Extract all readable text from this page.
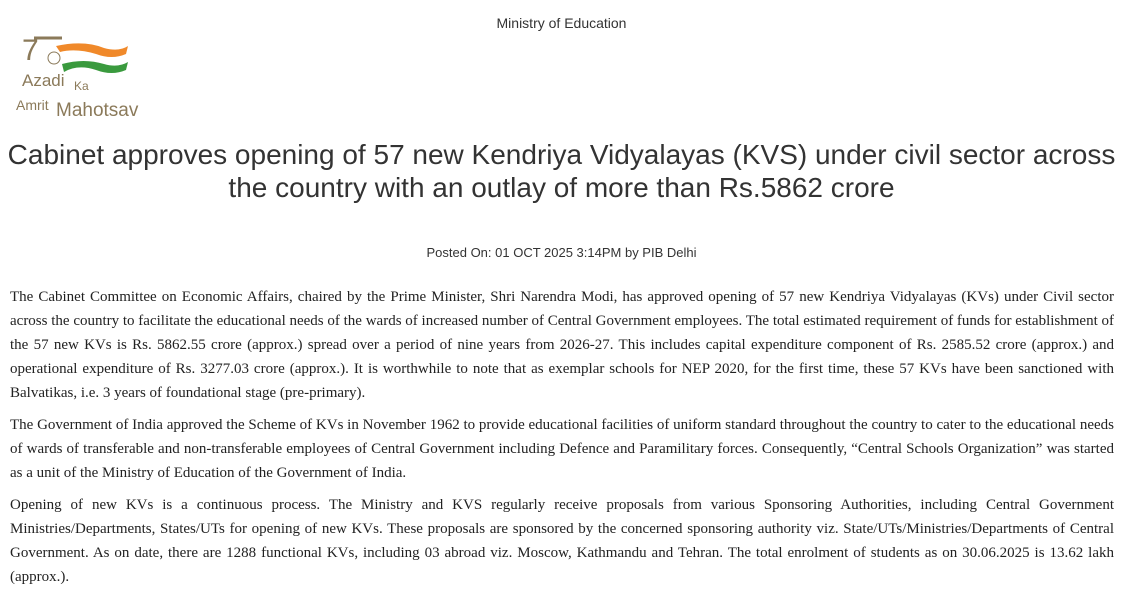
Ministry of Education
7
Azadi Ka
Amrit Mahotsav
Cabinet approves opening of 57 new Kendriya Vidyalayas (KVS) under civil sector across the country with an outlay of more than Rs.5862 crore
Posted On: 01 OCT 2025 3:14PM by PIB Delhi

The Cabinet Committee on Economic Affairs, chaired by the Prime Minister, Shri Narendra Modi, has approved opening of 57 new Kendriya Vidyalayas (KVs) under Civil sector across the country to facilitate the educational needs of the wards of increased number of Central Government employees. The total estimated requirement of funds for establishment of the 57 new KVs is Rs. 5862.55 crore (approx.) spread over a period of nine years from 2026-27. This includes capital expenditure component of Rs. 2585.52 crore (approx.) and operational expenditure of Rs. 3277.03 crore (approx.). It is worthwhile to note that as exemplar schools for NEP 2020, for the first time, these 57 KVs have been sanctioned with Balvatikas, i.e. 3 years of foundational stage (pre-primary).

The Government of India approved the Scheme of KVs in November 1962 to provide educational facilities of uniform standard throughout the country to cater to the educational needs of wards of transferable and non-transferable employees of Central Government including Defence and Paramilitary forces. Consequently, “Central Schools Organization” was started as a unit of the Ministry of Education of the Government of India.

Opening of new KVs is a continuous process. The Ministry and KVS regularly receive proposals from various Sponsoring Authorities, including Central Government Ministries/Departments, States/UTs for opening of new KVs. These proposals are sponsored by the concerned sponsoring authority viz. State/UTs/Ministries/Departments of Central Government. As on date, there are 1288 functional KVs, including 03 abroad viz. Moscow, Kathmandu and Tehran. The total enrolment of students as on 30.06.2025 is 13.62 lakh (approx.).
